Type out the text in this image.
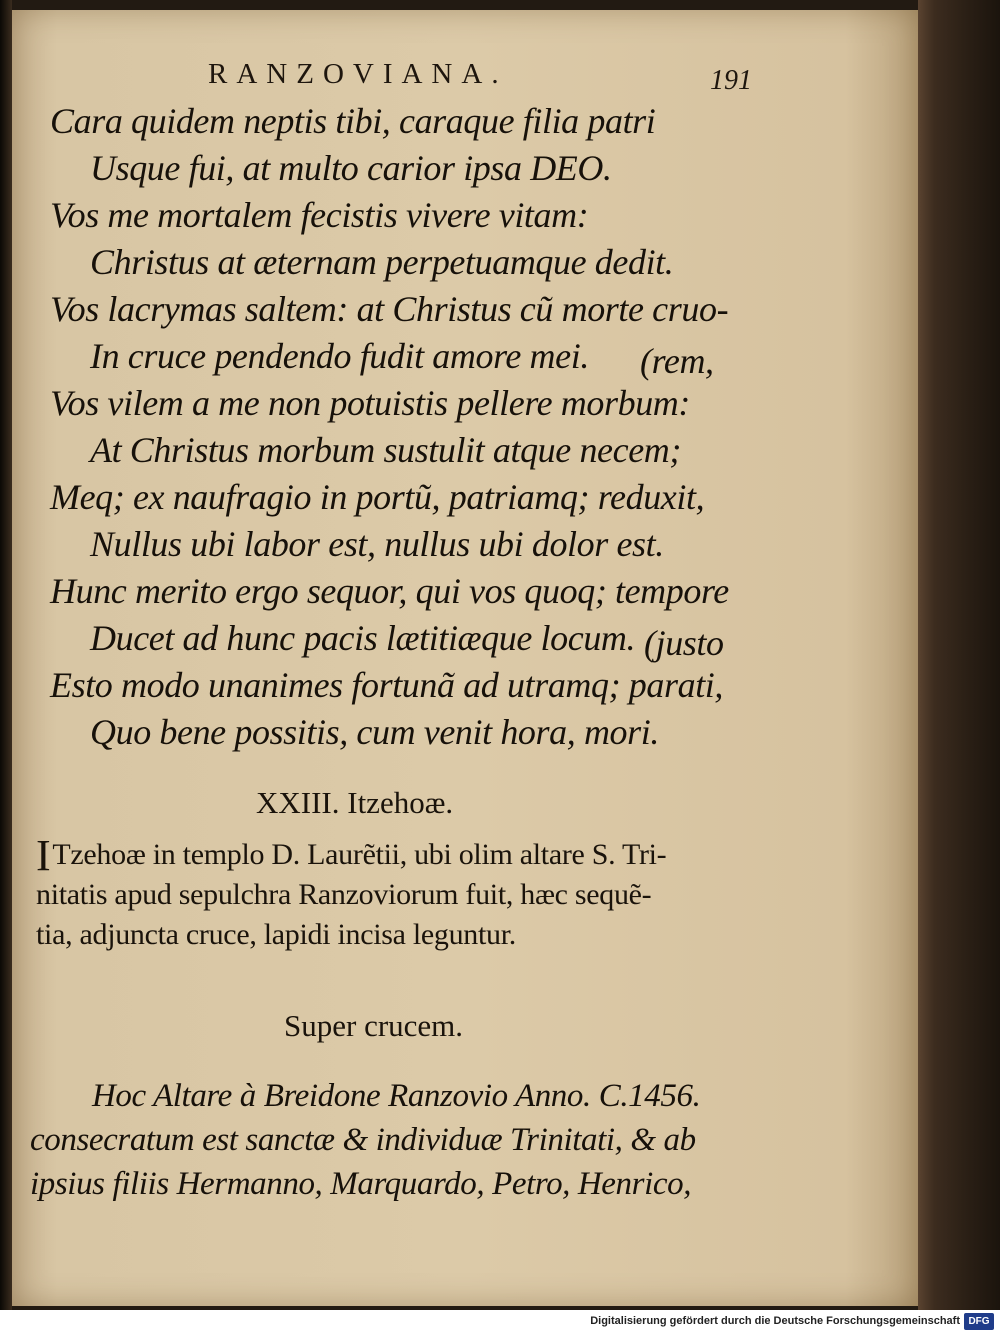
RANZOVIANA.	191
Cara quidem neptis tibi, caraque filia patri
Usque fui, at multo carior ipsa DEO.
Vos me mortalem fecistis vivere vitam:
Christus at æternam perpetuamque dedit.
Vos lacrymas saltem: at Christus cũ morte cruo-
In cruce pendendo fudit amore mei. (rem,
Vos vilem a me non potuistis pellere morbum:
At Christus morbum sustulit atque necem;
Meq; ex naufragio in portũ, patriamq; reduxit,
Nullus ubi labor est, nullus ubi dolor est.
Hunc merito ergo sequor, qui vos quoq; tempore
Ducet ad hunc pacis lætitiæque locum. (justo
Esto modo unanimes fortunã ad utramq; parati,
Quo bene possitis, cum venit hora, mori.
XXIII. Itzehoæ.
ITzehoæ in templo D. Laurẽtii, ubi olim altare S. Tri-
nitatis apud sepulchra Ranzoviorum fuit, hæc sequẽ-
tia, adjuncta cruce, lapidi incisa leguntur.
Super crucem.
Hoc Altare à Breidone Ranzovio Anno. C.1456.
consecratum est sanctæ & individuæ Trinitati, & ab
ipsius filiis Hermanno, Marquardo, Petro, Henrico,
Digitalisierung gefördert durch die Deutsche Forschungsgemeinschaft DFG
